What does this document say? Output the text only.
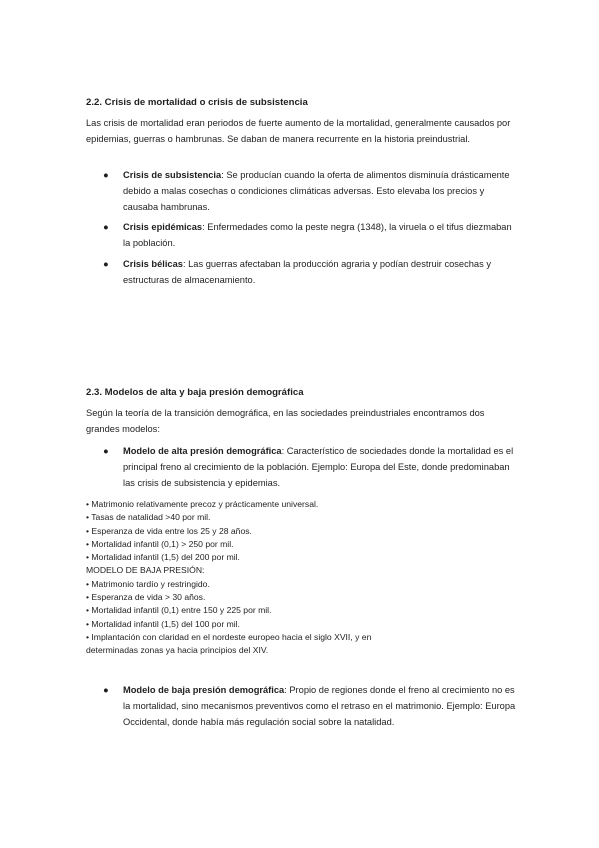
2.2. Crisis de mortalidad o crisis de subsistencia
Las crisis de mortalidad eran periodos de fuerte aumento de la mortalidad, generalmente causados por epidemias, guerras o hambrunas. Se daban de manera recurrente en la historia preindustrial.
● Crisis de subsistencia: Se producían cuando la oferta de alimentos disminuía drásticamente debido a malas cosechas o condiciones climáticas adversas. Esto elevaba los precios y causaba hambrunas.
● Crisis epidémicas: Enfermedades como la peste negra (1348), la viruela o el tifus diezmaban la población.
● Crisis bélicas: Las guerras afectaban la producción agraria y podían destruir cosechas y estructuras de almacenamiento.
2.3. Modelos de alta y baja presión demográfica
Según la teoría de la transición demográfica, en las sociedades preindustriales encontramos dos grandes modelos:
● Modelo de alta presión demográfica: Característico de sociedades donde la mortalidad es el principal freno al crecimiento de la población. Ejemplo: Europa del Este, donde predominaban las crisis de subsistencia y epidemias.
• Matrimonio relativamente precoz y prácticamente universal.
• Tasas de natalidad >40 por mil.
• Esperanza de vida entre los 25 y 28 años.
• Mortalidad infantil (0,1) > 250 por mil.
• Mortalidad infantil (1,5) del 200 por mil.
MODELO DE BAJA PRESIÓN:
• Matrimonio tardío y restringido.
• Esperanza de vida > 30 años.
• Mortalidad infantil (0,1) entre 150 y 225 por mil.
• Mortalidad infantil (1,5) del 100 por mil.
• Implantación con claridad en el nordeste europeo hacia el siglo XVII, y en
determinadas zonas ya hacia principios del XIV.
● Modelo de baja presión demográfica: Propio de regiones donde el freno al crecimiento no es la mortalidad, sino mecanismos preventivos como el retraso en el matrimonio. Ejemplo: Europa Occidental, donde había más regulación social sobre la natalidad.
